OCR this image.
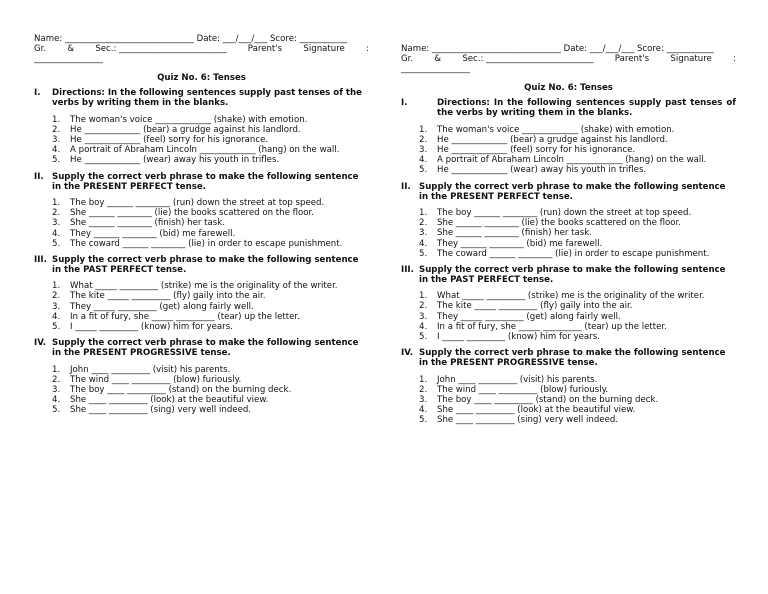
Name: ______________________________ Date: ___/___/___ Score: ___________
Gr. & Sec.: _________________________ Parent's Signature :
________________
Quiz No. 6: Tenses
I.	Directions: In the following sentences supply past tenses of the verbs by writing them in the blanks.
1.	The woman's voice _____________ (shake) with emotion.
2.	He _____________ (bear) a grudge against his landlord.
3.	He _____________ (feel) sorry for his ignorance.
4.	A portrait of Abraham Lincoln _____________ (hang) on the wall.
5.	He _____________ (wear) away his youth in trifles.
II. Supply the correct verb phrase to make the following sentence in the PRESENT PERFECT tense.
1.	The boy ______ ________ (run) down the street at top speed.
2.	She ______ ________ (lie) the books scattered on the floor.
3.	She ______ ________ (finish) her task.
4.	They ______ ________ (bid) me farewell.
5.	The coward ______ ________ (lie) in order to escape punishment.
III. Supply the correct verb phrase to make the following sentence in the PAST PERFECT tense.
1.	What _____ _________ (strike) me is the originality of the writer.
2.	The kite _____ _________ (fly) gaily into the air.
3.	They _____ _________ (get) along fairly well.
4.	In a fit of fury, she _____ _________ (tear) up the letter.
5.	I _____ _________ (know) him for years.
IV. Supply the correct verb phrase to make the following sentence in the PRESENT PROGRESSIVE tense.
1.	John ____ _________ (visit) his parents.
2.	The wind ____ _________ (blow) furiously.
3.	The boy ____ _________ (stand) on the burning deck.
4.	She ____ _________ (look) at the beautiful view.
5.	She ____ _________ (sing) very well indeed.
Name: ______________________________ Date: ___/___/___ Score: ___________
Gr. & Sec.: _________________________ Parent's Signature :
________________
Quiz No. 6: Tenses
I.	Directions: In the following sentences supply past tenses of the verbs by writing them in the blanks.
1.	The woman's voice _____________ (shake) with emotion.
2.	He _____________ (bear) a grudge against his landlord.
3.	He _____________ (feel) sorry for his ignorance.
4.	A portrait of Abraham Lincoln _____________ (hang) on the wall.
5.	He _____________ (wear) away his youth in trifles.
II. Supply the correct verb phrase to make the following sentence in the PRESENT PERFECT tense.
1.	The boy ______ ________ (run) down the street at top speed.
2.	She ______ ________ (lie) the books scattered on the floor.
3.	She ______ ________ (finish) her task.
4.	They ______ ________ (bid) me farewell.
5.	The coward ______ ________ (lie) in order to escape punishment.
III. Supply the correct verb phrase to make the following sentence in the PAST PERFECT tense.
1.	What _____ _________ (strike) me is the originality of the writer.
2.	The kite _____ _________ (fly) gaily into the air.
3.	They _____ _________ (get) along fairly well.
4.	In a fit of fury, she _____ _________ (tear) up the letter.
5.	I _____ _________ (know) him for years.
IV. Supply the correct verb phrase to make the following sentence in the PRESENT PROGRESSIVE tense.
1.	John ____ _________ (visit) his parents.
2.	The wind ____ _________ (blow) furiously.
3.	The boy ____ _________ (stand) on the burning deck.
4.	She ____ _________ (look) at the beautiful view.
5.	She ____ _________ (sing) very well indeed.
